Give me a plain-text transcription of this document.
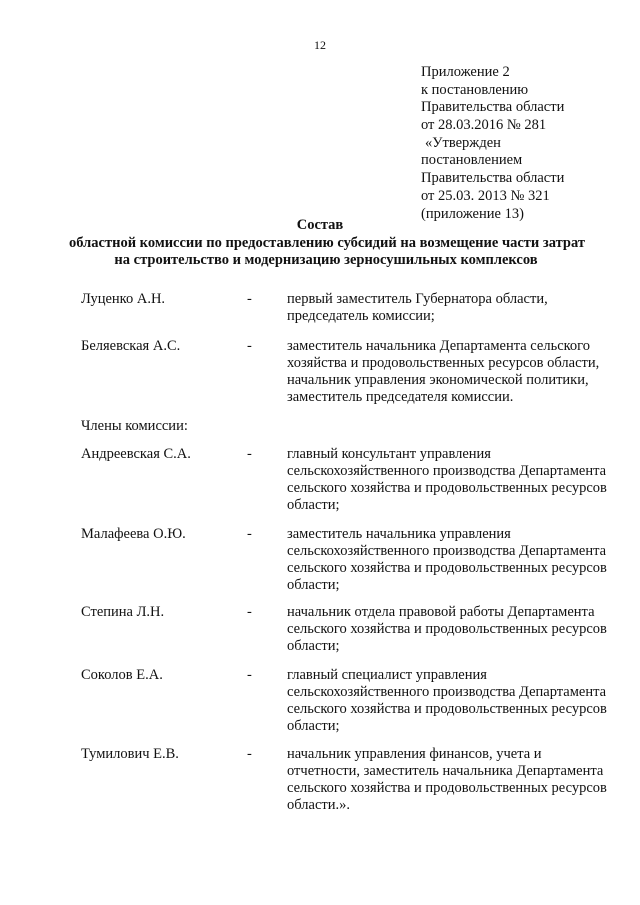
12
Приложение 2
к постановлению
Правительства области
от 28.03.2016 № 281
«Утвержден
постановлением
Правительства области
от 25.03. 2013 № 321
(приложение 13)
Состав
областной комиссии по предоставлению субсидий на возмещение части затрат
на строительство и модернизацию зерносушильных комплексов
Луценко А.Н.	- первый заместитель Губернатора области,
председатель комиссии;
Беляевская А.С.	- заместитель начальника Департамента сельского
хозяйства и продовольственных ресурсов области,
начальник управления экономической политики,
заместитель председателя комиссии.
Члены комиссии:
Андреевская С.А.	- главный консультант управления
сельскохозяйственного производства Департамента
сельского хозяйства и продовольственных ресурсов
области;
Малафеева О.Ю.	- заместитель начальника управления
сельскохозяйственного производства Департамента
сельского хозяйства и продовольственных ресурсов
области;
Степина Л.Н.	- начальник отдела правовой работы Департамента
сельского хозяйства и продовольственных ресурсов
области;
Соколов Е.А.	- главный специалист управления
сельскохозяйственного производства Департамента
сельского хозяйства и продовольственных ресурсов
области;
Тумилович Е.В.	- начальник управления финансов, учета и
отчетности, заместитель начальника Департамента
сельского хозяйства и продовольственных ресурсов
области.».
